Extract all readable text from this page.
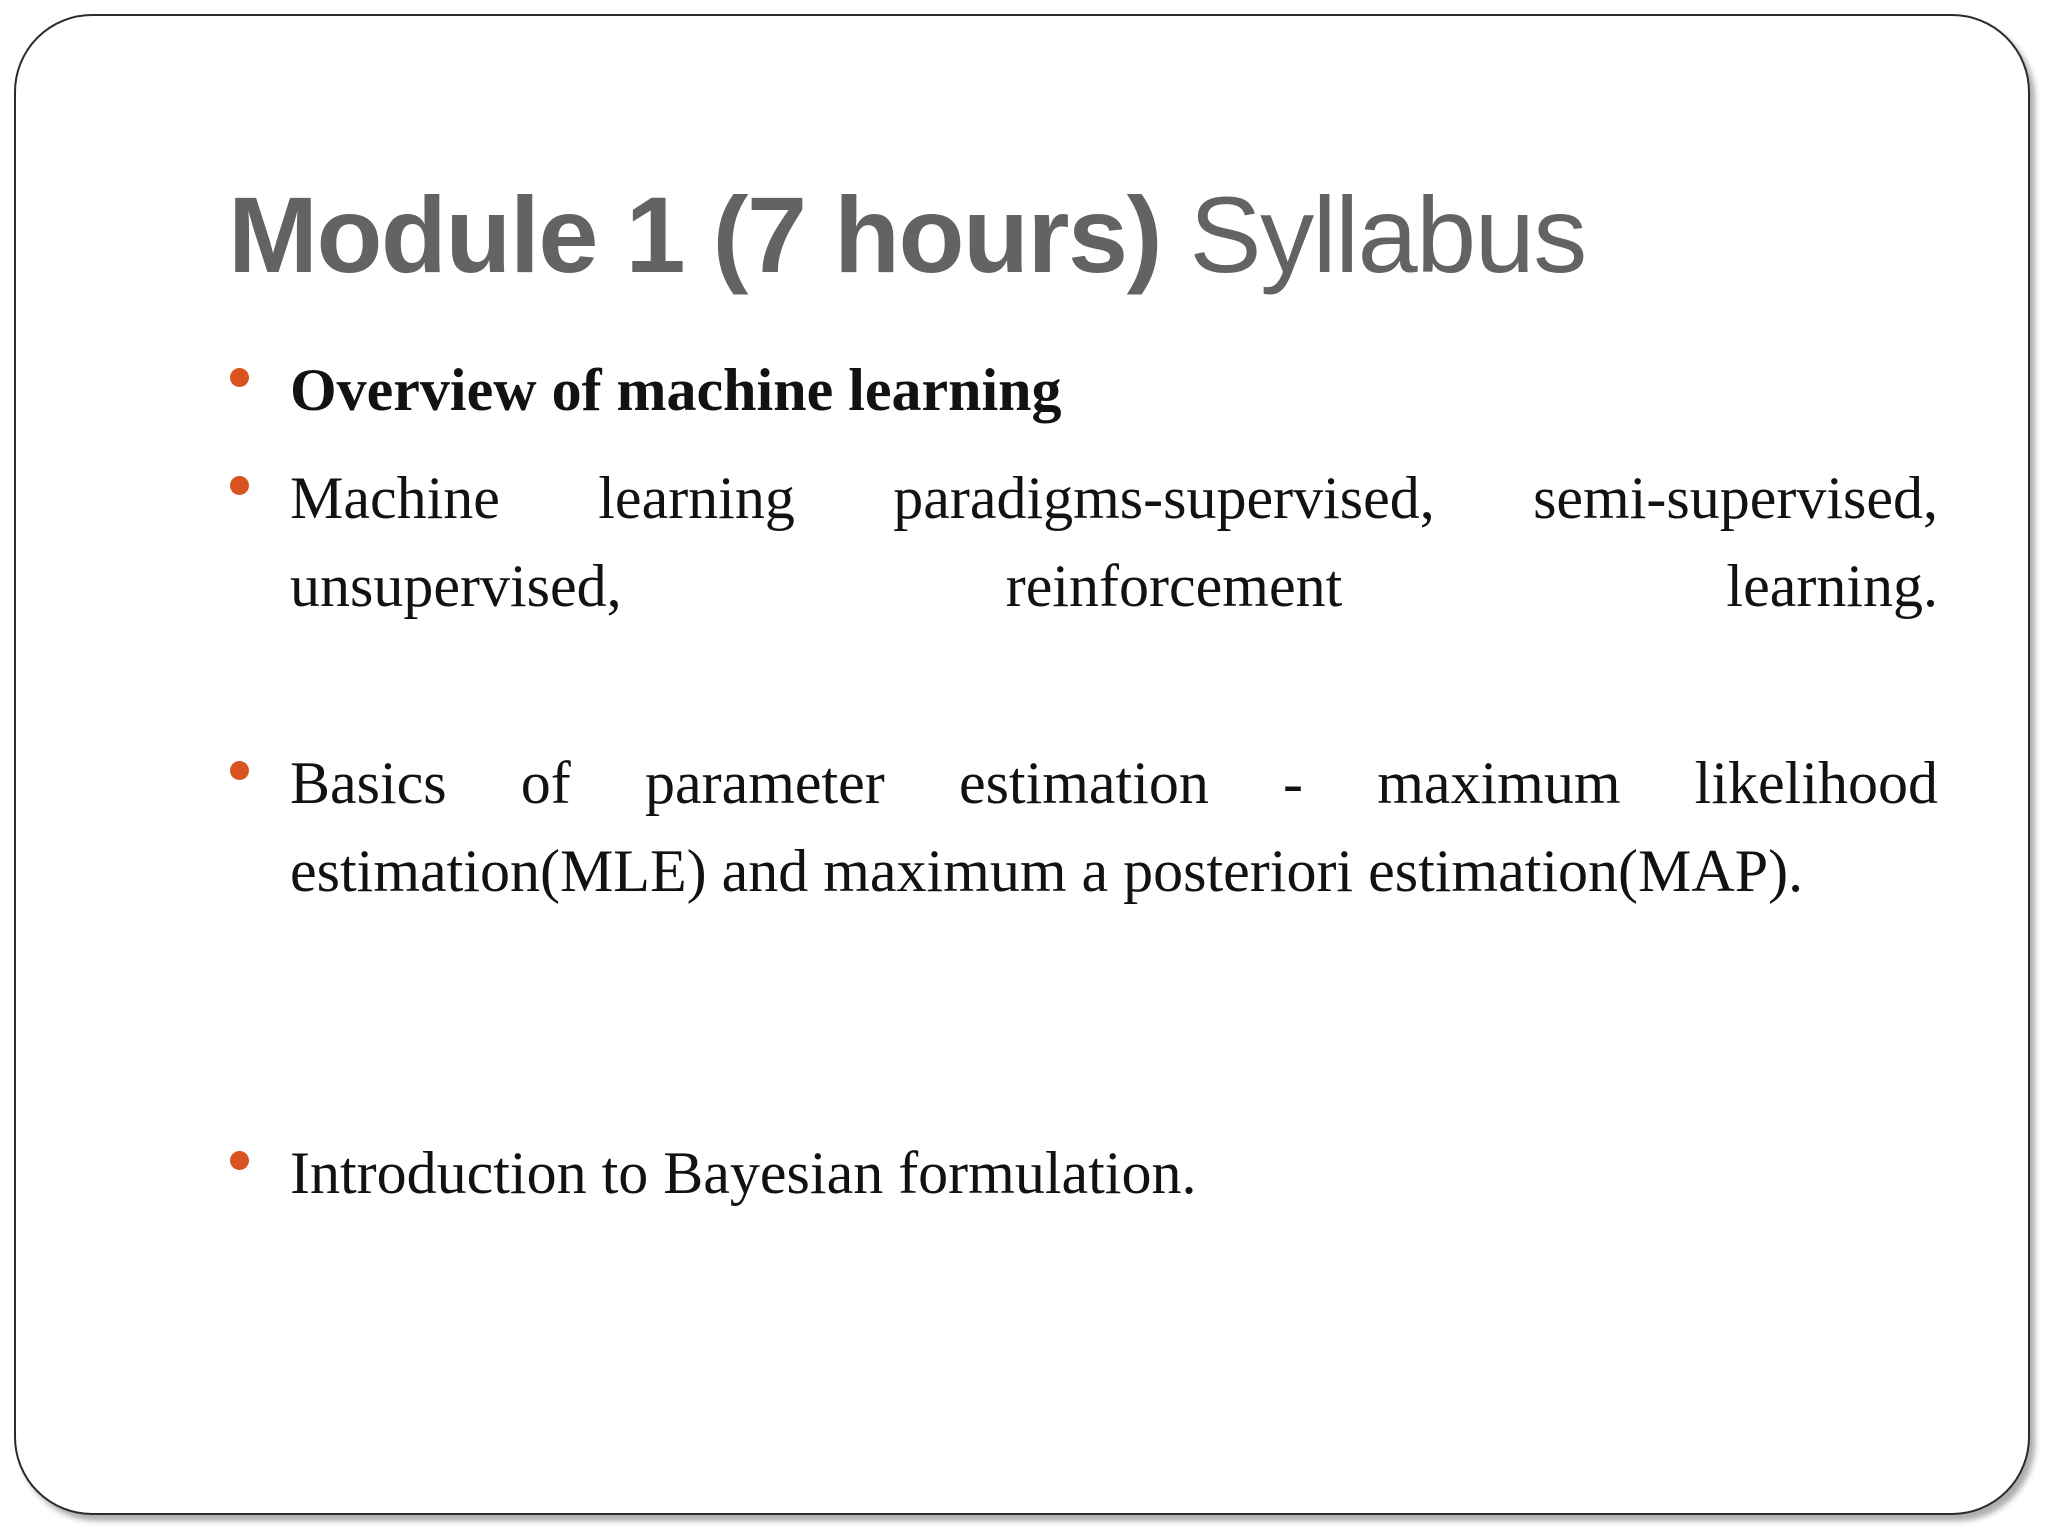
Module 1 (7 hours) Syllabus
Overview of machine learning
Machine learning paradigms-supervised, semi-supervised, unsupervised, reinforcement learning.
Basics of parameter estimation - maximum likelihood estimation(MLE) and maximum a posteriori estimation(MAP).
Introduction to Bayesian formulation.
